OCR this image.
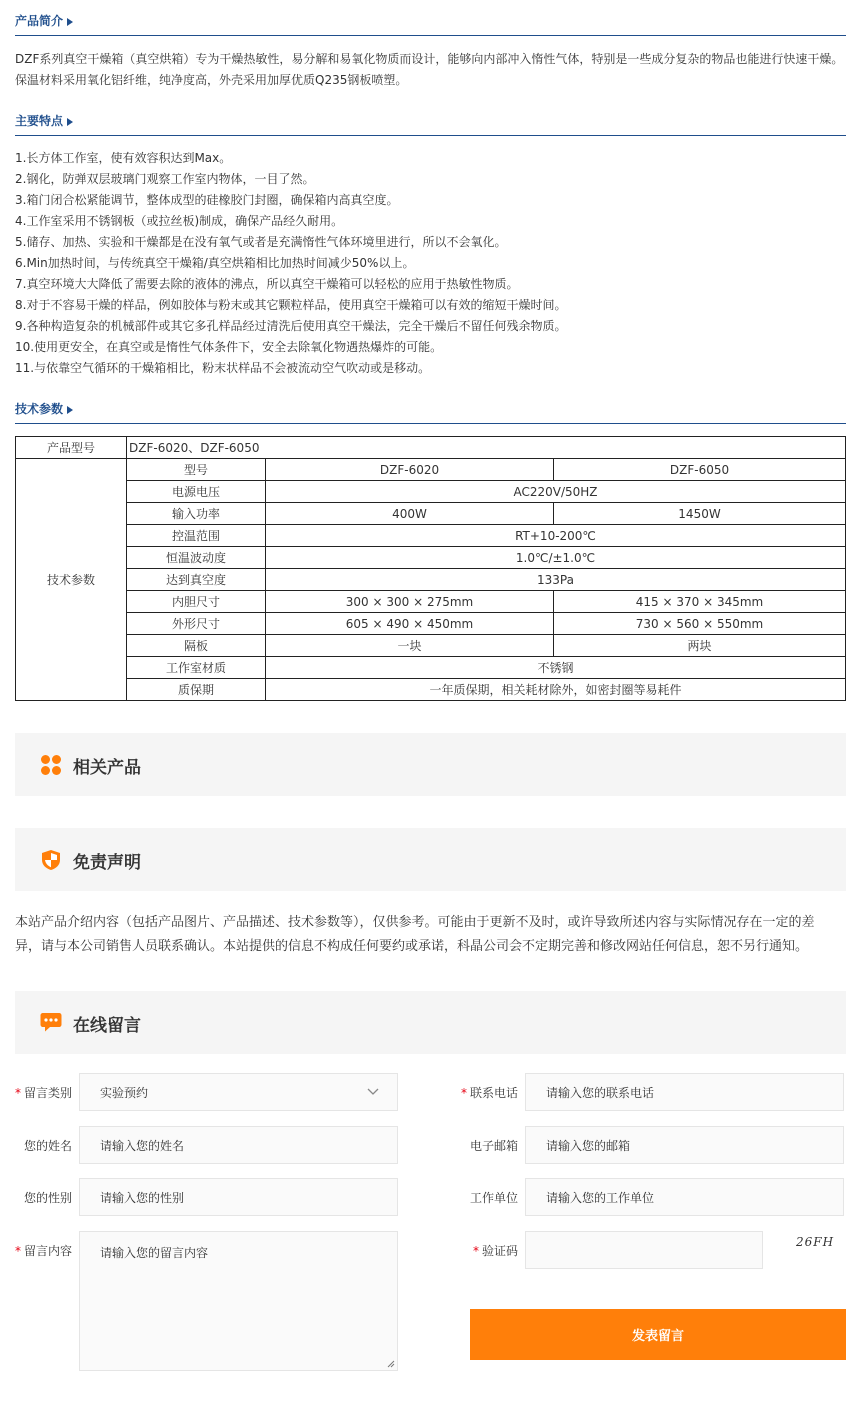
产品简介
DZF系列真空干燥箱（真空烘箱）专为干燥热敏性，易分解和易氧化物质而设计，能够向内部冲入惰性气体，特别是一些成分复杂的物品也能进行快速干燥。保温材料采用氧化铝纤维，纯净度高，外壳采用加厚优质Q235钢板喷塑。
主要特点
1.长方体工作室，使有效容积达到Max。
2.钢化，防弹双层玻璃门观察工作室内物体，一目了然。
3.箱门闭合松紧能调节，整体成型的硅橡胶门封圈，确保箱内高真空度。
4.工作室采用不锈钢板（或拉丝板)制成，确保产品经久耐用。
5.储存、加热、实验和干燥都是在没有氧气或者是充满惰性气体环境里进行，所以不会氧化。
6.Min加热时间，与传统真空干燥箱/真空烘箱相比加热时间减少50%以上。
7.真空环境大大降低了需要去除的液体的沸点，所以真空干燥箱可以轻松的应用于热敏性物质。
8.对于不容易干燥的样品，例如胶体与粉末或其它颗粒样品，使用真空干燥箱可以有效的缩短干燥时间。
9.各种构造复杂的机械部件或其它多孔样品经过清洗后使用真空干燥法，完全干燥后不留任何残余物质。
10.使用更安全，在真空或是惰性气体条件下，安全去除氧化物遇热爆炸的可能。
11.与依靠空气循环的干燥箱相比，粉末状样品不会被流动空气吹动或是移动。
技术参数
产品型号	DZF-6020、DZF-6050		
技术参数	型号	DZF-6020	DZF-6050
	电源电压	AC220V/50HZ	
	输入功率	400W	1450W
	控温范围	RT+10-200℃	
	恒温波动度	1.0℃/±1.0℃	
	达到真空度	133Pa	
	内胆尺寸	300 × 300 × 275mm	415 × 370 × 345mm
	外形尺寸	605 × 490 × 450mm	730 × 560 × 550mm
	隔板	一块	两块
	工作室材质	不锈钢	
	质保期	一年质保期，相关耗材除外，如密封圈等易耗件	
相关产品
免责声明
本站产品介绍内容（包括产品图片、产品描述、技术参数等），仅供参考。可能由于更新不及时，或许导致所述内容与实际情况存在一定的差异，请与本公司销售人员联系确认。本站提供的信息不构成任何要约或承诺，科晶公司会不定期完善和修改网站任何信息，恕不另行通知。
在线留言
* 留言类别 实验预约	* 联系电话	请输入您的联系电话
您的姓名	请输入您的姓名	电子邮箱	请输入您的邮箱
您的性别	请输入您的性别	工作单位	请输入您的工作单位
* 留言内容 请输入您的留言内容	* 验证码
26FH
发表留言
